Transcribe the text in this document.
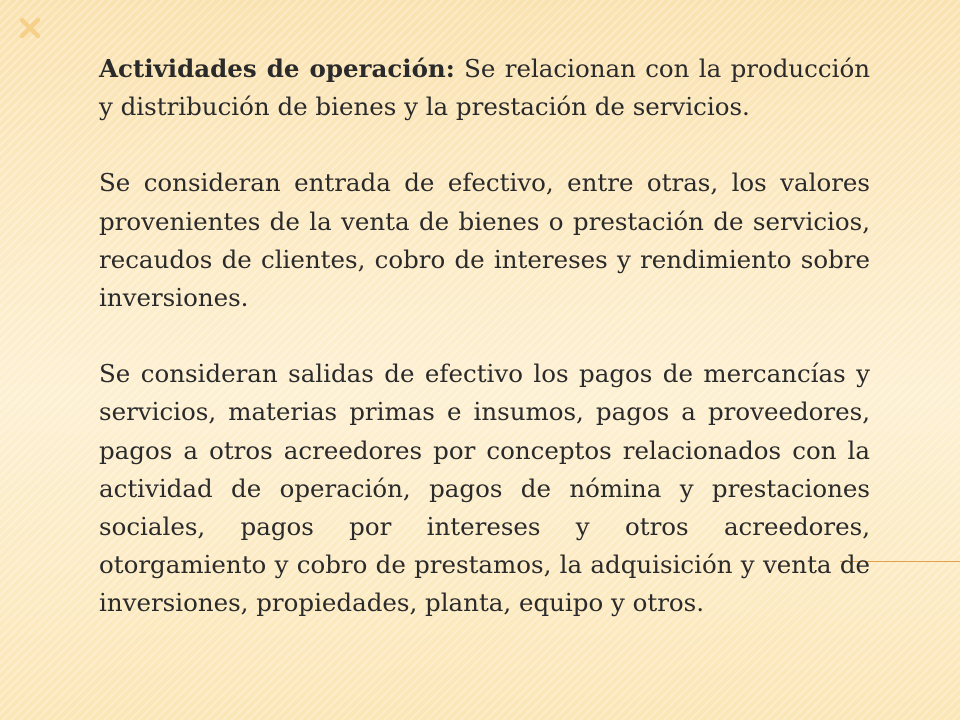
Actividades de operación: Se relacionan con la producción y distribución de bienes y la prestación de servicios.

Se consideran entrada de efectivo, entre otras, los valores provenientes de la venta de bienes o prestación de servicios, recaudos de clientes, cobro de intereses y rendimiento sobre inversiones.

Se consideran salidas de efectivo los pagos de mercancías y servicios, materias primas e insumos, pagos a proveedores, pagos a otros acreedores por conceptos relacionados con la actividad de operación, pagos de nómina y prestaciones sociales, pagos por intereses y otros acreedores, otorgamiento y cobro de prestamos, la adquisición y venta de inversiones, propiedades, planta, equipo y otros.
